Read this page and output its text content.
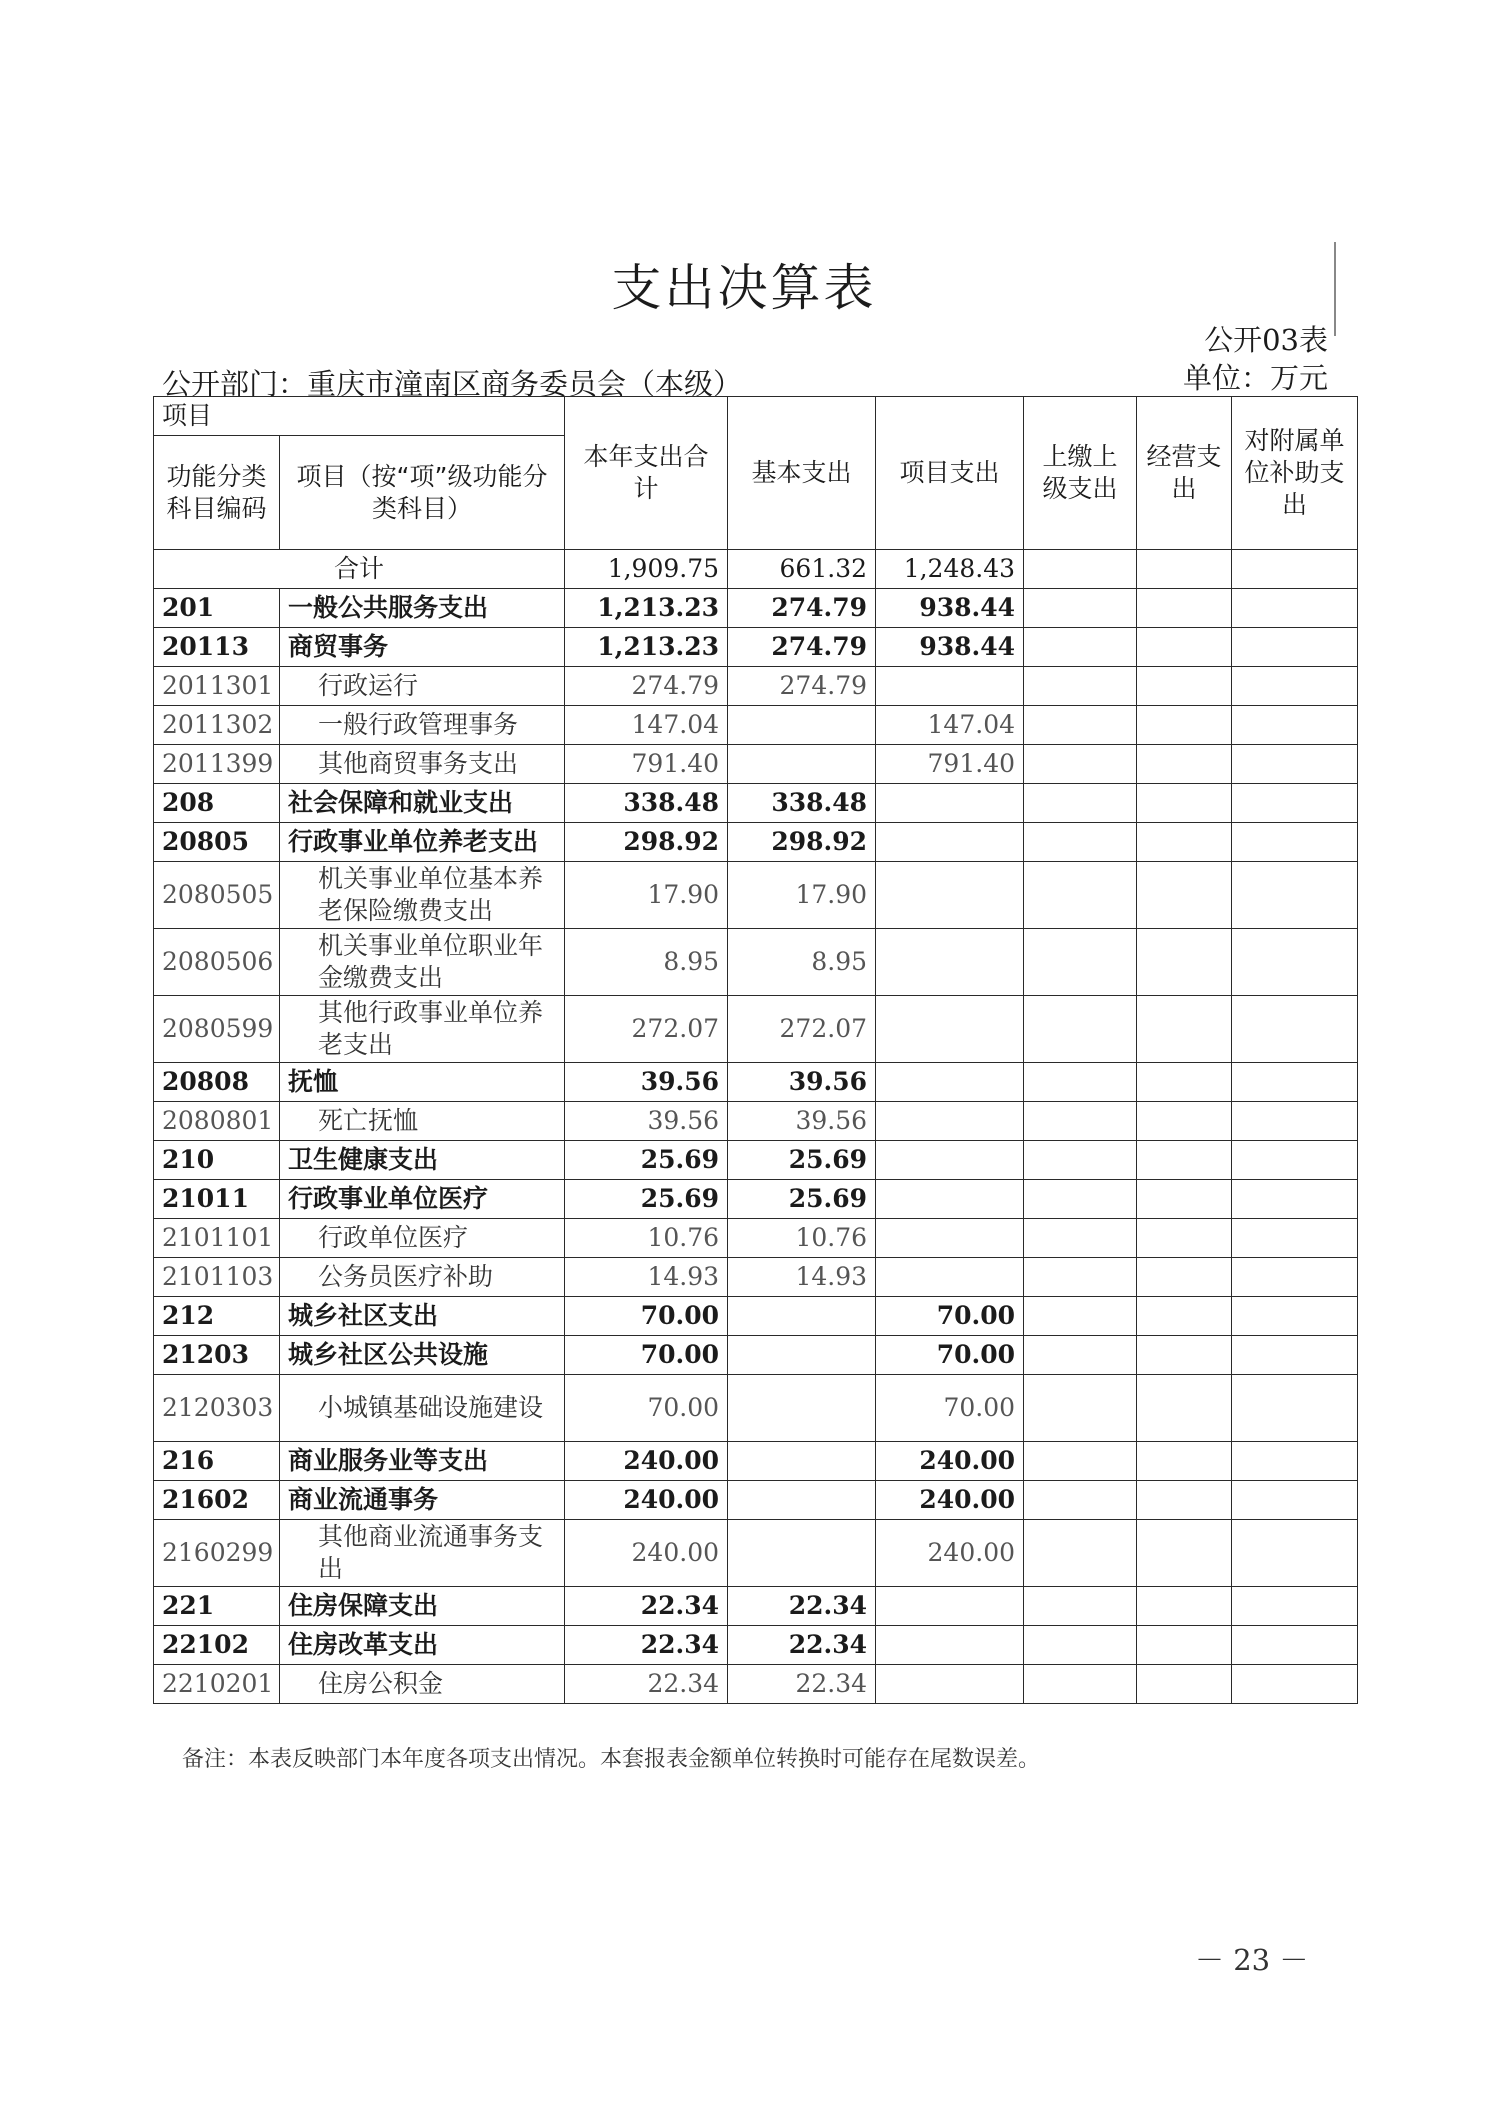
支出决算表
公开03表
公开部门：重庆市潼南区商务委员会（本级）	单位：万元
项目		本年支出合计	基本支出	项目支出	上缴上级支出	经营支出	对附属单位补助支出
功能分类科目编码	项目（按“项”级功能分类科目）						
合计		1,909.75	661.32	1,248.43			
201	一般公共服务支出	1,213.23	274.79	938.44			
20113	商贸事务	1,213.23	274.79	938.44			
2011301	行政运行	274.79	274.79				
2011302	一般行政管理事务	147.04		147.04			
2011399	其他商贸事务支出	791.40		791.40			
208	社会保障和就业支出	338.48	338.48				
20805	行政事业单位养老支出	298.92	298.92				
2080505	机关事业单位基本养老保险缴费支出	17.90	17.90				
2080506	机关事业单位职业年金缴费支出	8.95	8.95				
2080599	其他行政事业单位养老支出	272.07	272.07				
20808	抚恤	39.56	39.56				
2080801	死亡抚恤	39.56	39.56				
210	卫生健康支出	25.69	25.69				
21011	行政事业单位医疗	25.69	25.69				
2101101	行政单位医疗	10.76	10.76				
2101103	公务员医疗补助	14.93	14.93				
212	城乡社区支出	70.00		70.00			
21203	城乡社区公共设施	70.00		70.00			
2120303	小城镇基础设施建设	70.00		70.00			
216	商业服务业等支出	240.00		240.00			
21602	商业流通事务	240.00		240.00			
2160299	其他商业流通事务支出	240.00		240.00			
221	住房保障支出	22.34	22.34				
22102	住房改革支出	22.34	22.34				
2210201	住房公积金	22.34	22.34				
备注：本表反映部门本年度各项支出情况。本套报表金额单位转换时可能存在尾数误差。
－ 23 －
